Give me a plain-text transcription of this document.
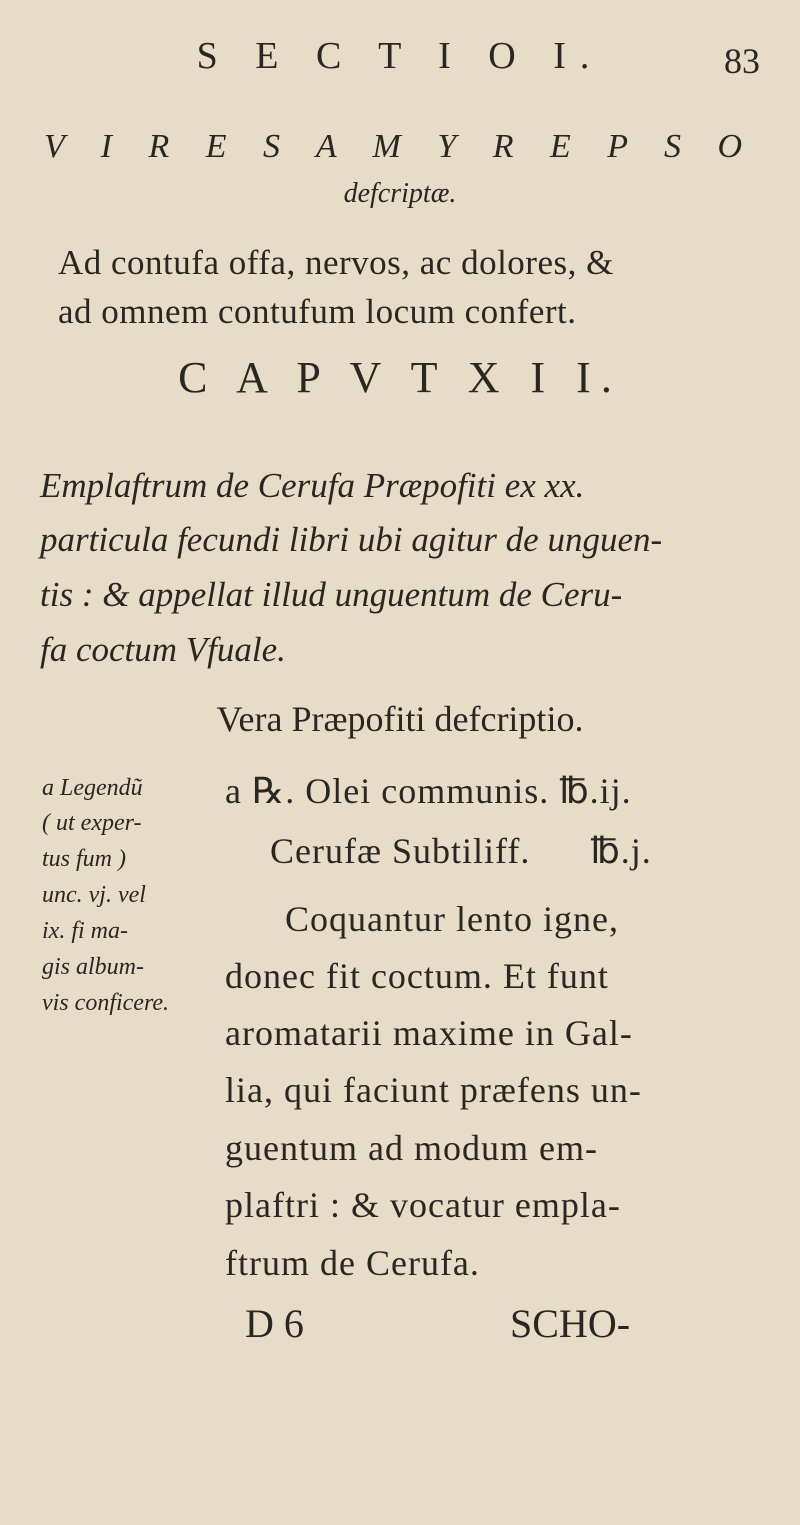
S E C T I O I.	83
V I R E S A M Y R E P S O
defcriptæ.
Ad contufa offa, nervos, ac dolores, &
ad omnem contufum locum confert.
C A P V T X I I.
Emplaftrum de Cerufa Præpofiti ex xx.
particula fecundi libri ubi agitur de unguen-
tis : & appellat illud unguentum de Ceru-
fa coctum Vfuale.
Vera Præpofiti defcriptio.
a Legendũ
( ut exper-
tus fum )
unc. vj. vel
ix. fi ma-
gis album-
vis conficere.
a ℞. Olei communis. ℔.ij.
Cerufæ Subtiliff.      ℔.j.
Coquantur lento igne,
donec fit coctum. Et funt
aromatarii maxime in Gal-
lia, qui faciunt præfens un-
guentum ad modum em-
plaftri : & vocatur empla-
ftrum de Cerufa.
D 6	SCHO-
